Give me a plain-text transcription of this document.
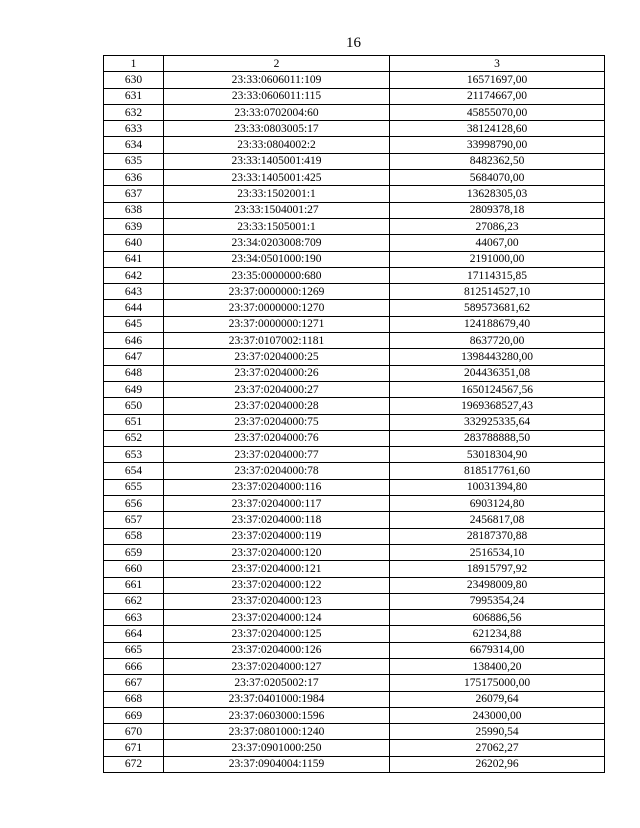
16
1	2	3
630	23:33:0606011:109	16571697,00
631	23:33:0606011:115	21174667,00
632	23:33:0702004:60	45855070,00
633	23:33:0803005:17	38124128,60
634	23:33:0804002:2	33998790,00
635	23:33:1405001:419	8482362,50
636	23:33:1405001:425	5684070,00
637	23:33:1502001:1	13628305,03
638	23:33:1504001:27	2809378,18
639	23:33:1505001:1	27086,23
640	23:34:0203008:709	44067,00
641	23:34:0501000:190	2191000,00
642	23:35:0000000:680	17114315,85
643	23:37:0000000:1269	812514527,10
644	23:37:0000000:1270	589573681,62
645	23:37:0000000:1271	124188679,40
646	23:37:0107002:1181	8637720,00
647	23:37:0204000:25	1398443280,00
648	23:37:0204000:26	204436351,08
649	23:37:0204000:27	1650124567,56
650	23:37:0204000:28	1969368527,43
651	23:37:0204000:75	332925335,64
652	23:37:0204000:76	283788888,50
653	23:37:0204000:77	53018304,90
654	23:37:0204000:78	818517761,60
655	23:37:0204000:116	10031394,80
656	23:37:0204000:117	6903124,80
657	23:37:0204000:118	2456817,08
658	23:37:0204000:119	28187370,88
659	23:37:0204000:120	2516534,10
660	23:37:0204000:121	18915797,92
661	23:37:0204000:122	23498009,80
662	23:37:0204000:123	7995354,24
663	23:37:0204000:124	606886,56
664	23:37:0204000:125	621234,88
665	23:37:0204000:126	6679314,00
666	23:37:0204000:127	138400,20
667	23:37:0205002:17	175175000,00
668	23:37:0401000:1984	26079,64
669	23:37:0603000:1596	243000,00
670	23:37:0801000:1240	25990,54
671	23:37:0901000:250	27062,27
672	23:37:0904004:1159	26202,96
